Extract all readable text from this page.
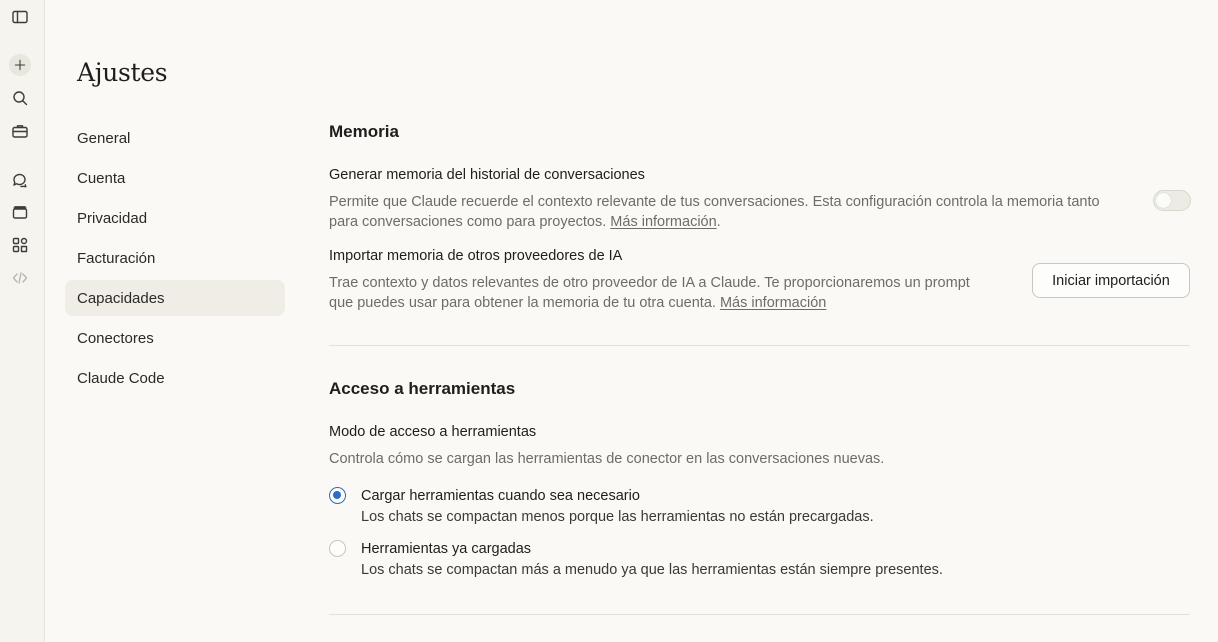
Ajustes
General
Cuenta
Privacidad
Facturación
Capacidades
Conectores
Claude Code
Memoria
Generar memoria del historial de conversaciones

Permite que Claude recuerde el contexto relevante de tus conversaciones. Esta configuración controla la memoria tanto para conversaciones como para proyectos. Más información.

Importar memoria de otros proveedores de IA

Trae contexto y datos relevantes de otro proveedor de IA a Claude. Te proporcionaremos un prompt que puedes usar para obtener la memoria de tu otra cuenta. Más información

Iniciar importación
Acceso a herramientas
Modo de acceso a herramientas

Controla cómo se cargan las herramientas de conector en las conversaciones nuevas.

Cargar herramientas cuando sea necesario
Los chats se compactan menos porque las herramientas no están precargadas.
Herramientas ya cargadas
Los chats se compactan más a menudo ya que las herramientas están siempre presentes.
